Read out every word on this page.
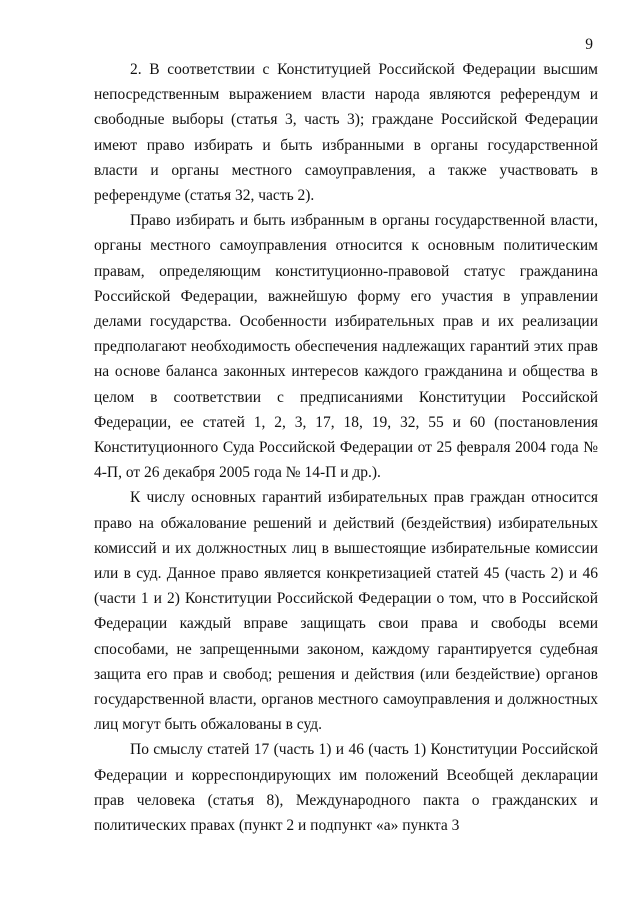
9

2. В соответствии с Конституцией Российской Федерации высшим непосредственным выражением власти народа являются референдум и свободные выборы (статья 3, часть 3); граждане Российской Федерации имеют право избирать и быть избранными в органы государственной власти и органы местного самоуправления, а также участвовать в референдуме (статья 32, часть 2).

Право избирать и быть избранным в органы государственной власти, органы местного самоуправления относится к основным политическим правам, определяющим конституционно-правовой статус гражданина Российской Федерации, важнейшую форму его участия в управлении делами государства. Особенности избирательных прав и их реализации предполагают необходимость обеспечения надлежащих гарантий этих прав на основе баланса законных интересов каждого гражданина и общества в целом в соответствии с предписаниями Конституции Российской Федерации, ее статей 1, 2, 3, 17, 18, 19, 32, 55 и 60 (постановления Конституционного Суда Российской Федерации от 25 февраля 2004 года № 4-П, от 26 декабря 2005 года № 14-П и др.).

К числу основных гарантий избирательных прав граждан относится право на обжалование решений и действий (бездействия) избирательных комиссий и их должностных лиц в вышестоящие избирательные комиссии или в суд. Данное право является конкретизацией статей 45 (часть 2) и 46 (части 1 и 2) Конституции Российской Федерации о том, что в Российской Федерации каждый вправе защищать свои права и свободы всеми способами, не запрещенными законом, каждому гарантируется судебная защита его прав и свобод; решения и действия (или бездействие) органов государственной власти, органов местного самоуправления и должностных лиц могут быть обжалованы в суд.

По смыслу статей 17 (часть 1) и 46 (часть 1) Конституции Российской Федерации и корреспондирующих им положений Всеобщей декларации прав человека (статья 8), Международного пакта о гражданских и политических правах (пункт 2 и подпункт «а» пункта 3
